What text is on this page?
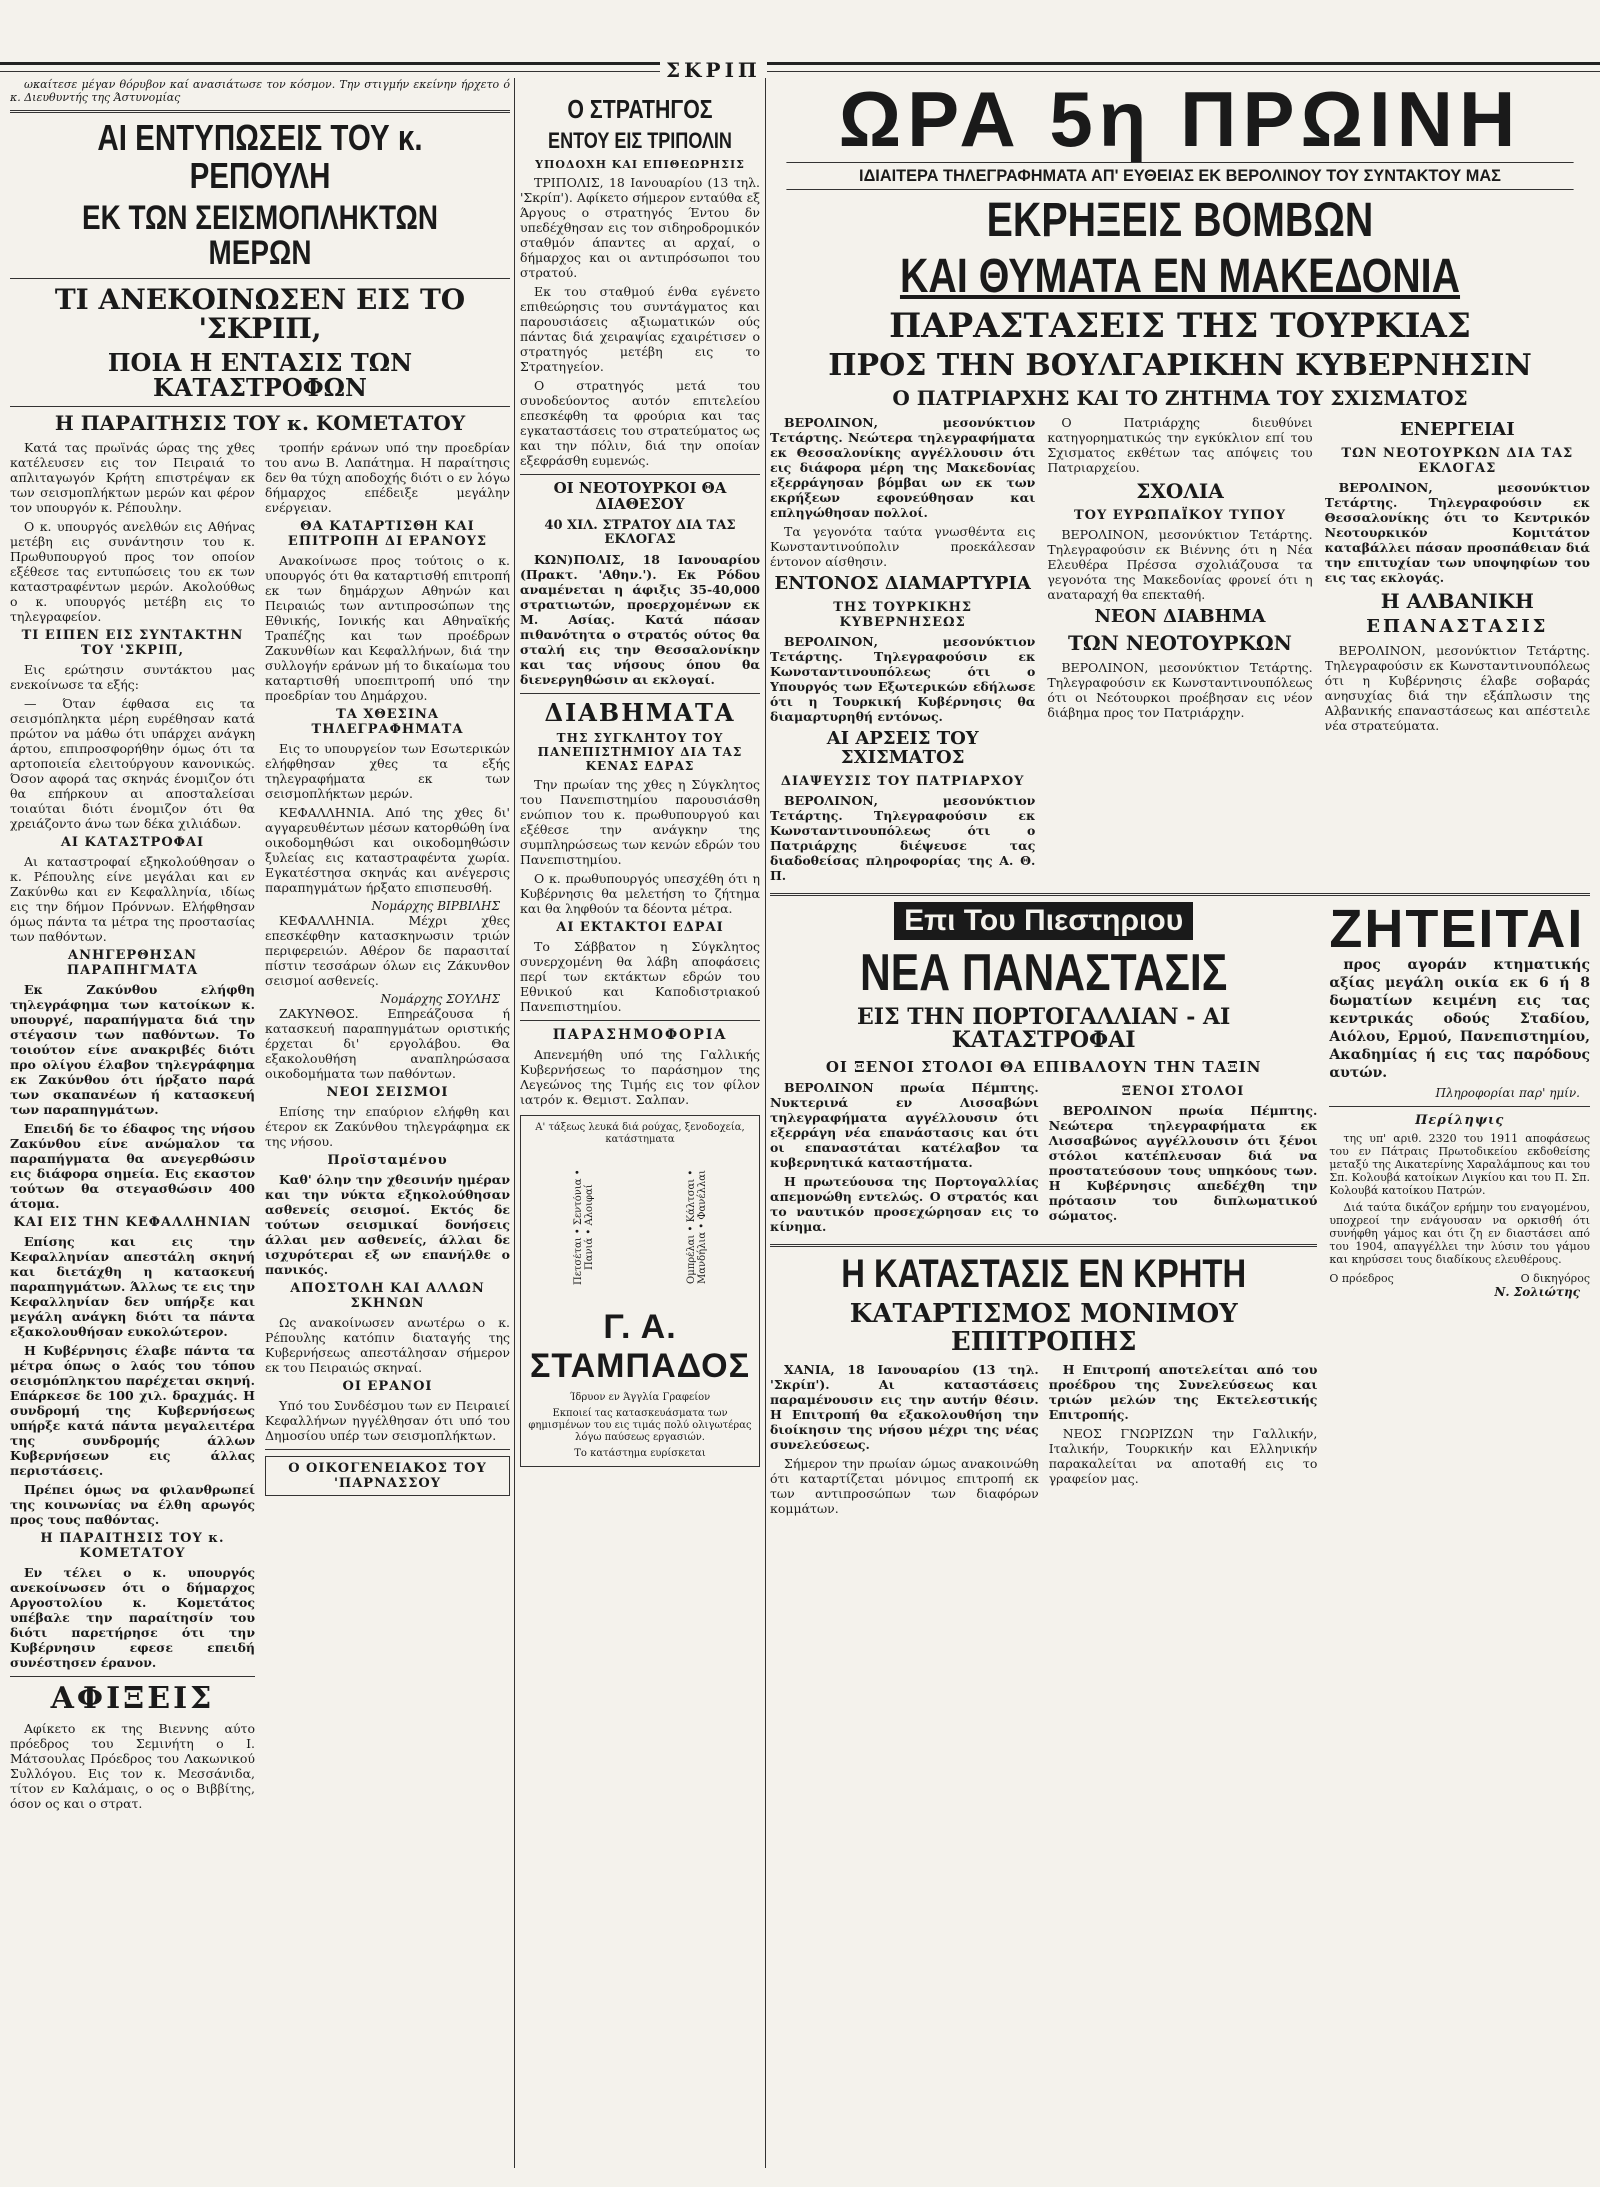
ΣΚΡΙΠ
ωκαίτεσε μέγαν θόρυβον καί ανασιάτωσε τον κόσμον. Την στιγμήν εκείνην ήρχετο ό κ. Διευθυντής της Άστυνομίας
ΑΙ ΕΝΤΥΠΩΣΕΙΣ ΤΟΥ κ. ΡΕΠΟΥΛΗ
ΕΚ ΤΩΝ ΣΕΙΣΜΟΠΛΗΚΤΩΝ ΜΕΡΩΝ
ΤΙ ΑΝΕΚΟΙΝΩΣΕΝ ΕΙΣ ΤΟ 'ΣΚΡΙΠ,
ΠΟΙΑ Η ΕΝΤΑΣΙΣ ΤΩΝ ΚΑΤΑΣΤΡΟΦΩΝ
Η ΠΑΡΑΙΤΗΣΙΣ ΤΟΥ κ. ΚΟΜΕΤΑΤΟΥ

Κατά τας πρωϊνάς ώρας της χθες κατέλευσεν εις τον Πειραιά το απλιταγωγόν Κρήτη επιστρέψαν εκ των σεισμοπλήκτων μερών και φέρον τον υπουργόν κ. Ρέπουλην.

Ο κ. υπουργός ανελθών εις Αθήνας μετέβη εις συνάντησιν του κ. Πρωθυπουργού προς τον οποίον εξέθεσε τας εντυπώσεις του εκ των καταστραφέντων μερών. Ακολούθως ο κ. υπουργός μετέβη εις το τηλεγραφείον.

ΤΙ ΕΙΠΕΝ ΕΙΣ ΣΥΝΤΑΚΤΗΝ ΤΟΥ 'ΣΚΡΙΠ,

Εις ερώτησιν συντάκτου μας ενεκοίνωσε τα εξής:

— Όταν έφθασα εις τα σεισμόπληκτα μέρη ευρέθησαν κατά πρώτον να μάθω ότι υπάρχει ανάγκη άρτου, επιπροσφορήθην όμως ότι τα αρτοποιεία ελειτούργουν κανονικώς. Όσον αφορά τας σκηνάς ένομιζον ότι θα επήρκουν αι αποσταλείσαι τοιαύται διότι ένομιζον ότι θα χρειάζοντο άνω των δέκα χιλιάδων.

ΑΙ ΚΑΤΑΣΤΡΟΦΑΙ

Αι καταστροφαί εξηκολούθησαν ο κ. Ρέπουλης είνε μεγάλαι και εν Ζακύνθω και εν Κεφαλληνία, ιδίως εις την δήμον Πρόννων. Ελήφθησαν όμως πάντα τα μέτρα της προστασίας των παθόντων.

ΑΝΗΓΕΡΘΗΣΑΝ ΠΑΡΑΠΗΓΜΑΤΑ

Εκ Ζακύνθου ελήφθη τηλεγράφημα των κατοίκων κ. υπουργέ, παραπήγματα διά την στέγασιν των παθόντων. Το τοιούτον είνε ανακριβές διότι προ ολίγου έλαβον τηλεγράφημα εκ Ζακύνθου ότι ήρξατο παρά των σκαπανέων ή κατασκευή των παραπηγμάτων.

Επειδή δε το έδαφος της νήσου Ζακύνθου είνε ανώμαλον τα παραπήγματα θα ανεγερθώσιν εις διάφορα σημεία. Εις εκαστον τούτων θα στεγασθώσιν 400 άτομα.

ΚΑΙ ΕΙΣ ΤΗΝ ΚΕΦΑΛΛΗΝΙΑΝ

Επίσης και εις την Κεφαλληνίαν απεστάλη σκηνή και διετάχθη η κατασκευή παραπηγμάτων. Άλλως τε εις την Κεφαλληνίαν δεν υπήρξε και μεγάλη ανάγκη διότι τα πάντα εξακολουθήσαν ευκολώτερον.

Η Κυβέρνησις έλαβε πάντα τα μέτρα όπως ο λαός του τόπου σεισμόπληκτου παρέχεται σκηνή. Επάρκεσε δε 100 χιλ. δραχμάς. Η συνδρομή της Κυβερνήσεως υπήρξε κατά πάντα μεγαλειτέρα της συνδρομής άλλων Κυβερνήσεων εις άλλας περιστάσεις.

Πρέπει όμως να φιλανθρωπεί της κοινωνίας να έλθη αρωγός προς τους παθόντας.

Η ΠΑΡΑΙΤΗΣΙΣ ΤΟΥ κ. ΚΟΜΕΤΑΤΟΥ

Εν τέλει ο κ. υπουργός ανεκοίνωσεν ότι ο δήμαρχος Αργοστολίου κ. Κομετάτος υπέβαλε την παραίτησίν του διότι παρετήρησε ότι την Κυβέρνησιν εφεσε επειδή συνέστησεν έρανον.

ΑΦΙΞΕΙΣ

Αφίκετο εκ της Βιεννης αύτο πρόεδρος του Σεμινήτη ο Ι. Μάτσουλας Πρόεδρος του Λακωνικού Συλλόγου. Εις τον κ. Μεσσάνιδα, τίτον εν Καλάμαις, ο ος ο Βιββίτης, όσον ος και ο στρατ.

τροπήν εράνων υπό την προεδρίαν του ανω Β. Λαπάτημα. Η παραίτησις δεν θα τύχη αποδοχής διότι ο εν λόγω δήμαρχος επέδειξε μεγάλην ενέργειαν.

ΘΑ ΚΑΤΑΡΤΙΣΘΗ ΚΑΙ ΕΠΙΤΡΟΠΗ ΔΙ ΕΡΑΝΟΥΣ

Ανακοίνωσε προς τούτοις ο κ. υπουργός ότι θα καταρτισθή επιτροπή εκ των δημάρχων Αθηνών και Πειραιώς των αντιπροσώπων της Εθνικής, Ιονικής και Αθηναϊκής Τραπέζης και των προέδρων Ζακυνθίων και Κεφαλλήνων, διά την συλλογήν εράνων μή το δικαίωμα του καταρτισθή υποεπιτροπή υπό την προεδρίαν του Δημάρχου.

ΤΑ ΧΘΕΣΙΝΑ ΤΗΛΕΓΡΑΦΗΜΑΤΑ

Εις το υπουργείον των Εσωτερικών ελήφθησαν χθες τα εξής τηλεγραφήματα εκ των σεισμοπλήκτων μερών.

ΚΕΦΑΛΛΗΝΙΑ. Από της χθες δι' αγγαρευθέντων μέσων κατορθώθη ίνα οικοδομηθώσι και οικοδομηθώσιν ξυλείας εις καταστραφέντα χωρία. Εγκατέστησα σκηνάς και ανέγερσις παραπηγμάτων ήρξατο επισπευσθή.

Νομάρχης ΒΙΡΒΙΛΗΣ

ΚΕΦΑΛΛΗΝΙΑ. Μέχρι χθες επεσκέφθην κατασκηνωσιν τριών περιφερειών. Αθέρον δε παρασιταί πίστιν τεσσάρων όλων εις Ζάκυνθον σεισμοί ασθενείς.

Νομάρχης ΣΟΥΛΗΣ

ΖΑΚΥΝΘΟΣ. Επηρεάζουσα ή κατασκευή παραπηγμάτων οριστικής έρχεται δι' εργολάβου. Θα εξακολουθήση αναπληρώσασα οικοδομήματα των παθόντων.

ΝΕΟΙ ΣΕΙΣΜΟΙ

Επίσης την επαύριον ελήφθη και έτερον εκ Ζακύνθου τηλεγράφημα εκ της νήσου.

Προϊσταμένου

Καθ' όλην την χθεσινήν ημέραν και την νύκτα εξηκολούθησαν ασθενείς σεισμοί. Εκτός δε τούτων σεισμικαί δονήσεις άλλαι μεν ασθενείς, άλλαι δε ισχυρότεραι εξ ων επανήλθε ο πανικός.

ΑΠΟΣΤΟΛΗ ΚΑΙ ΑΛΛΩΝ ΣΚΗΝΩΝ

Ως ανακοίνωσεν ανωτέρω ο κ. Ρέπουλης κατόπιν διαταγής της Κυβερνήσεως απεστάλησαν σήμερον εκ του Πειραιώς σκηναί.

ΟΙ ΕΡΑΝΟΙ

Υπό του Συνδέσμου των εν Πειραιεί Κεφαλλήνων ηγγέλθησαν ότι υπό του Δημοσίου υπέρ των σεισμοπλήκτων.

Ο ΟΙΚΟΓΕΝΕΙΑΚΟΣ ΤΟΥ 'ΠΑΡΝΑΣΣΟΥ
Ο ΣΤΡΑΤΗΓΟΣ
ΕΝΤΟΥ ΕΙΣ ΤΡΙΠΟΛΙΝ
ΥΠΟΔΟΧΗ ΚΑΙ ΕΠΙΘΕΩΡΗΣΙΣ

ΤΡΙΠΟΛΙΣ, 18 Ιανουαρίου (13 τηλ. 'Σκρίπ'). Αφίκετο σήμερον ενταύθα εξ Άργους ο στρατηγός Έντου δν υπεδέχθησαν εις τον σιδηροδρομικόν σταθμόν άπαντες αι αρχαί, ο δήμαρχος και οι αντιπρόσωποι του στρατού.

Εκ του σταθμού ένθα εγένετο επιθεώρησις του συντάγματος και παρουσιάσεις αξιωματικών ούς πάντας διά χειραψίας εχαιρέτισεν ο στρατηγός μετέβη εις το Στρατηγείον.

Ο στρατηγός μετά του συνοδεύοντος αυτόν επιτελείου επεσκέφθη τα φρούρια και τας εγκαταστάσεις του στρατεύματος ως και την πόλιν, διά την οποίαν εξεφράσθη ευμενώς.

ΟΙ ΝΕΟΤΟΥΡΚΟΙ ΘΑ ΔΙΑΘΕΣΟΥ
40 ΧΙΛ. ΣΤΡΑΤΟΥ ΔΙΑ ΤΑΣ ΕΚΛΟΓΑΣ

ΚΩΝ)ΠΟΛΙΣ, 18 Ιανουαρίου (Πρακτ. 'Αθην.'). Εκ Ρόδου αναμένεται η άφιξις 35-40,000 στρατιωτών, προερχομένων εκ Μ. Ασίας. Κατά πάσαν πιθανότητα ο στρατός ούτος θα σταλή εις την Θεσσαλονίκην και τας νήσους όπου θα διενεργηθώσιν αι εκλογαί.

ΔΙΑΒΗΜΑΤΑ
ΤΗΣ ΣΥΓΚΛΗΤΟΥ ΤΟΥ ΠΑΝΕΠΙΣΤΗΜΙΟΥ ΔΙΑ ΤΑΣ ΚΕΝΑΣ ΕΔΡΑΣ

Την πρωίαν της χθες η Σύγκλητος του Πανεπιστημίου παρουσιάσθη ενώπιον του κ. πρωθυπουργού και εξέθεσε την ανάγκην της συμπληρώσεως των κενών εδρών του Πανεπιστημίου.

Ο κ. πρωθυπουργός υπεσχέθη ότι η Κυβέρνησις θα μελετήση το ζήτημα και θα ληφθούν τα δέοντα μέτρα.

ΑΙ ΕΚΤΑΚΤΟΙ ΕΔΡΑΙ

Το Σάββατον η Σύγκλητος συνερχομένη θα λάβη αποφάσεις περί των εκτάκτων εδρών του Εθνικού και Καποδιστριακού Πανεπιστημίου.

ΠΑΡΑΣΗΜΟΦΟΡΙΑ

Απενεμήθη υπό της Γαλλικής Κυβερνήσεως το παράσημον της Λεγεώνος της Τιμής εις τον φίλον ιατρόν κ. Θεμιστ. Σαλπαν.

Α' τάξεως λευκά διά ρούχας, ξενοδοχεία, κατάστηματα
Πετσέται • Σεντόνια • Πανιά • Αλοιφαί	Ομπρέλαι • Κάλτσαι • Μανδήλια • Φανέλλαι
Γ. Α. ΣΤΑΜΠΑΔΟΣ
Ίδρυον εν Άγγλία Γραφείον
Εκποιεί τας κατασκευάσματα των φημισμένων του εις τιμάς πολύ ολιγωτέρας λόγω παύσεως εργασιών.
Το κατάστημα ευρίσκεται
ΩΡΑ 5η ΠΡΩΙΝΗ
ΙΔΙΑΙΤΕΡΑ ΤΗΛΕΓΡΑΦΗΜΑΤΑ ΑΠ' ΕΥΘΕΙΑΣ ΕΚ ΒΕΡΟΛΙΝΟΥ ΤΟΥ ΣΥΝΤΑΚΤΟΥ ΜΑΣ
ΕΚΡΗΞΕΙΣ ΒΟΜΒΩΝ
ΚΑΙ ΘΥΜΑΤΑ ΕΝ ΜΑΚΕΔΟΝΙΑ
ΠΑΡΑΣΤΑΣΕΙΣ ΤΗΣ ΤΟΥΡΚΙΑΣ
ΠΡΟΣ ΤΗΝ ΒΟΥΛΓΑΡΙΚΗΝ ΚΥΒΕΡΝΗΣΙΝ
Ο ΠΑΤΡΙΑΡΧΗΣ ΚΑΙ ΤΟ ΖΗΤΗΜΑ ΤΟΥ ΣΧΙΣΜΑΤΟΣ

ΒΕΡΟΛΙΝΟΝ, μεσονύκτιον Τετάρτης. Νεώτερα τηλεγραφήματα εκ Θεσσαλονίκης αγγέλλουσιν ότι εις διάφορα μέρη της Μακεδονίας εξερράγησαν βόμβαι ων εκ των εκρήξεων εφονεύθησαν και επληγώθησαν πολλοί.

Τα γεγονότα ταύτα γνωσθέντα εις Κωνσταντινούπολιν προεκάλεσαν έντονον αίσθησιν.

ΕΝΤΟΝΟΣ ΔΙΑΜΑΡΤΥΡΙΑ
ΤΗΣ ΤΟΥΡΚΙΚΗΣ ΚΥΒΕΡΝΗΣΕΩΣ

ΒΕΡΟΛΙΝΟΝ, μεσονύκτιον Τετάρτης. Τηλεγραφούσιν εκ Κωνσταντινουπόλεως ότι ο Υπουργός των Εξωτερικών εδήλωσε ότι η Τουρκική Κυβέρνησις θα διαμαρτυρηθή εντόνως.

ΑΙ ΑΡΣΕΙΣ ΤΟΥ ΣΧΙΣΜΑΤΟΣ
ΔΙΑΨΕΥΣΙΣ ΤΟΥ ΠΑΤΡΙΑΡΧΟΥ

ΒΕΡΟΛΙΝΟΝ, μεσονύκτιον Τετάρτης. Τηλεγραφούσιν εκ Κωνσταντινουπόλεως ότι ο Πατριάρχης διέψευσε τας διαδοθείσας πληροφορίας της Α. Θ. Π.

Ο Πατριάρχης διευθύνει κατηγορηματικώς την εγκύκλιον επί του Σχισματος εκθέτων τας απόψεις του Πατριαρχείου.

ΣΧΟΛΙΑ
ΤΟΥ ΕΥΡΩΠΑΪΚΟΥ ΤΥΠΟΥ

ΒΕΡΟΛΙΝΟΝ, μεσονύκτιον Τετάρτης. Τηλεγραφούσιν εκ Βιέννης ότι η Νέα Ελευθέρα Πρέσσα σχολιάζουσα τα γεγονότα της Μακεδονίας φρονεί ότι η αναταραχή θα επεκταθή.

ΝΕΟΝ ΔΙΑΒΗΜΑ
ΤΩΝ ΝΕΟΤΟΥΡΚΩΝ

ΒΕΡΟΛΙΝΟΝ, μεσονύκτιον Τετάρτης. Τηλεγραφούσιν εκ Κωνσταντινουπόλεως ότι οι Νεότουρκοι προέβησαν εις νέον διάβημα προς τον Πατριάρχην.

ΕΝΕΡΓΕΙΑΙ
ΤΩΝ ΝΕΟΤΟΥΡΚΩΝ ΔΙΑ ΤΑΣ ΕΚΛΟΓΑΣ

ΒΕΡΟΛΙΝΟΝ, μεσονύκτιον Τετάρτης. Τηλεγραφούσιν εκ Θεσσαλονίκης ότι το Κεντρικόν Νεοτουρκικόν Κομιτάτον καταβάλλει πάσαν προσπάθειαν διά την επιτυχίαν των υποψηφίων του εις τας εκλογάς.

Η ΑΛΒΑΝΙΚΗ
ΕΠΑΝΑΣΤΑΣΙΣ

ΒΕΡΟΛΙΝΟΝ, μεσονύκτιον Τετάρτης. Τηλεγραφούσιν εκ Κωνσταντινουπόλεως ότι η Κυβέρνησις έλαβε σοβαράς ανησυχίας διά την εξάπλωσιν της Αλβανικής επαναστάσεως και απέστειλε νέα στρατεύματα.

Επι Του Πιεστηριου
ΝΕΑ ΠΑΝΑΣΤΑΣΙΣ
ΕΙΣ ΤΗΝ ΠΟΡΤΟΓΑΛΛΙΑΝ - ΑΙ ΚΑΤΑΣΤΡΟΦΑΙ
ΟΙ ΞΕΝΟΙ ΣΤΟΛΟΙ ΘΑ ΕΠΙΒΑΛΟΥΝ ΤΗΝ ΤΑΞΙΝ

ΒΕΡΟΛΙΝΟΝ πρωία Πέμπτης. Νυκτερινά εν Λισσαβώνι τηλεγραφήματα αγγέλλουσιν ότι εξερράγη νέα επανάστασις και ότι οι επαναστάται κατέλαβον τα κυβερνητικά καταστήματα.

Η πρωτεύουσα της Πορτογαλλίας απεμονώθη εντελώς. Ο στρατός και το ναυτικόν προσεχώρησαν εις το κίνημα.

ΞΕΝΟΙ ΣΤΟΛΟΙ

ΒΕΡΟΛΙΝΟΝ πρωία Πέμπτης. Νεώτερα τηλεγραφήματα εκ Λισσαβώνος αγγέλλουσιν ότι ξένοι στόλοι κατέπλευσαν διά να προστατεύσουν τους υπηκόους των. Η Κυβέρνησις απεδέχθη την πρότασιν του διπλωματικού σώματος.

Η ΚΑΤΑΣΤΑΣΙΣ ΕΝ ΚΡΗΤΗ
ΚΑΤΑΡΤΙΣΜΟΣ ΜΟΝΙΜΟΥ ΕΠΙΤΡΟΠΗΣ

ΧΑΝΙΑ, 18 Ιανουαρίου (13 τηλ. 'Σκρίπ'). Αι καταστάσεις παραμένουσιν εις την αυτήν θέσιν. Η Επιτροπή θα εξακολουθήση την διοίκησιν της νήσου μέχρι της νέας συνελεύσεως.

Σήμερον την πρωίαν ώμως ανακοινώθη ότι καταρτίζεται μόνιμος επιτροπή εκ των αντιπροσώπων των διαφόρων κομμάτων.

Η Επιτροπή αποτελείται από του προέδρου της Συνελεύσεως και τριών μελών της Εκτελεστικής Επιτροπής.

ΝΕΟΣ ΓΝΩΡΙΖΩΝ την Γαλλικήν, Ιταλικήν, Τουρκικήν και Ελληνικήν παρακαλείται να αποταθή εις το γραφείον μας.

ΖΗΤΕΙΤΑΙ

προς αγοράν κτηματικής αξίας μεγάλη οικία εκ 6 ή 8 δωματίων κειμένη εις τας κεντρικάς οδούς Σταδίου, Αιόλου, Ερμού, Πανεπιστημίου, Ακαδημίας ή εις τας παρόδους αυτών.

Πληροφορίαι παρ' ημίν.
Περίληψις

της υπ' αριθ. 2320 του 1911 αποφάσεως του εν Πάτραις Πρωτοδικείου εκδοθείσης μεταξύ της Αικατερίνης Χαραλάμπους και του Σπ. Κολουβά κατοίκων Λιγκίου και του Π. Σπ. Κολουβά κατοίκου Πατρών.

Διά ταύτα δικάζον ερήμην του εναγομένου, υποχρεοί την ενάγουσαν να ορκισθή ότι συνήφθη γάμος και ότι ζη εν διαστάσει από του 1904, απαγγέλλει την λύσιν του γάμου και κηρύσσει τους διαδίκους ελευθέρους.

Ο πρόεδρος	Ο δικηγόρος
Ν. Σολιώτης
